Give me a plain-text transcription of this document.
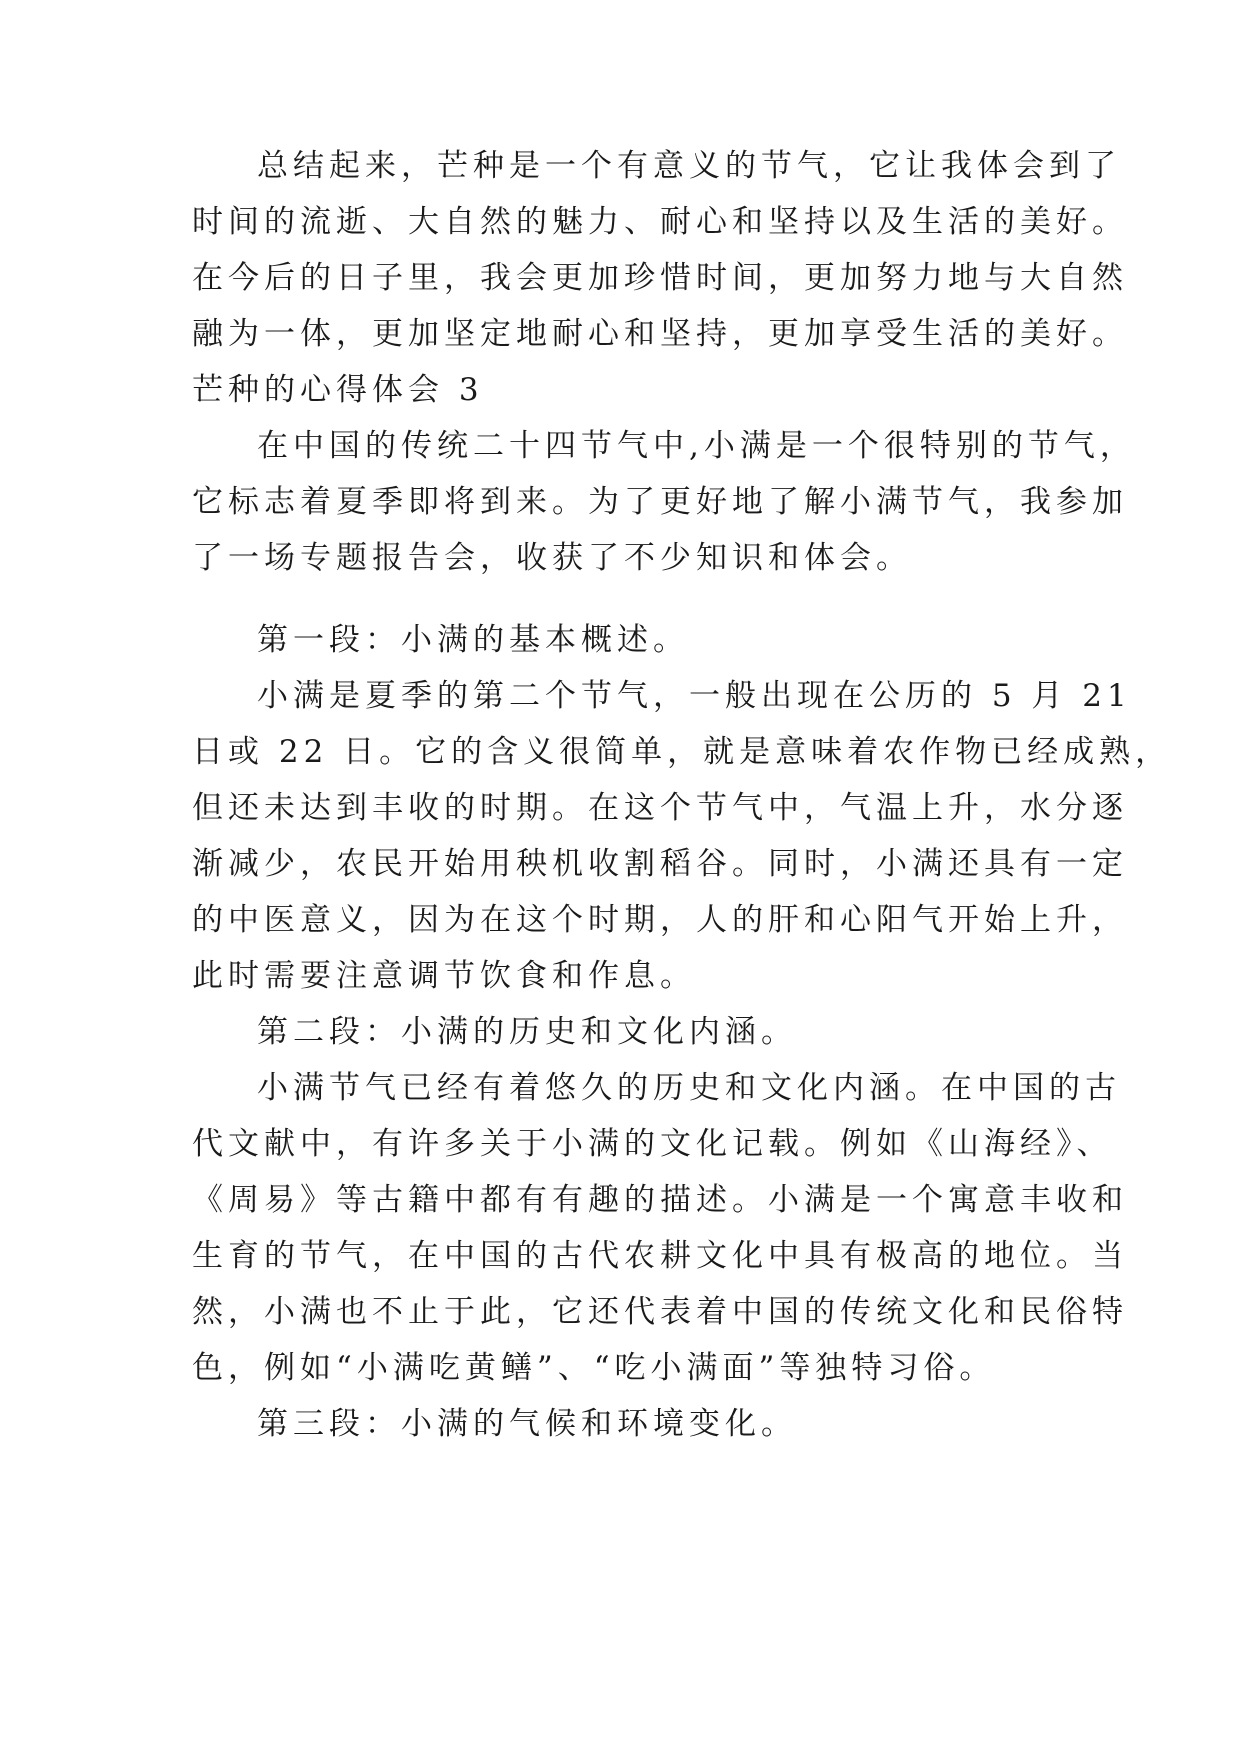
总结起来，芒种是一个有意义的节气，它让我体会到了
时间的流逝、大自然的魅力、耐心和坚持以及生活的美好。
在今后的日子里，我会更加珍惜时间，更加努力地与大自然
融为一体，更加坚定地耐心和坚持，更加享受生活的美好。
芒种的心得体会 3
在中国的传统二十四节气中,小满是一个很特别的节气，
它标志着夏季即将到来。为了更好地了解小满节气，我参加
了一场专题报告会，收获了不少知识和体会。
第一段：小满的基本概述。
小满是夏季的第二个节气，一般出现在公历的 5 月 21
日或 22 日。它的含义很简单，就是意味着农作物已经成熟，
但还未达到丰收的时期。在这个节气中，气温上升，水分逐
渐减少，农民开始用秧机收割稻谷。同时，小满还具有一定
的中医意义，因为在这个时期，人的肝和心阳气开始上升，
此时需要注意调节饮食和作息。
第二段：小满的历史和文化内涵。
小满节气已经有着悠久的历史和文化内涵。在中国的古
代文献中，有许多关于小满的文化记载。例如《山海经》、
《周易》等古籍中都有有趣的描述。小满是一个寓意丰收和
生育的节气，在中国的古代农耕文化中具有极高的地位。当
然，小满也不止于此，它还代表着中国的传统文化和民俗特
色，例如“小满吃黄鳝”、“吃小满面”等独特习俗。
第三段：小满的气候和环境变化。
